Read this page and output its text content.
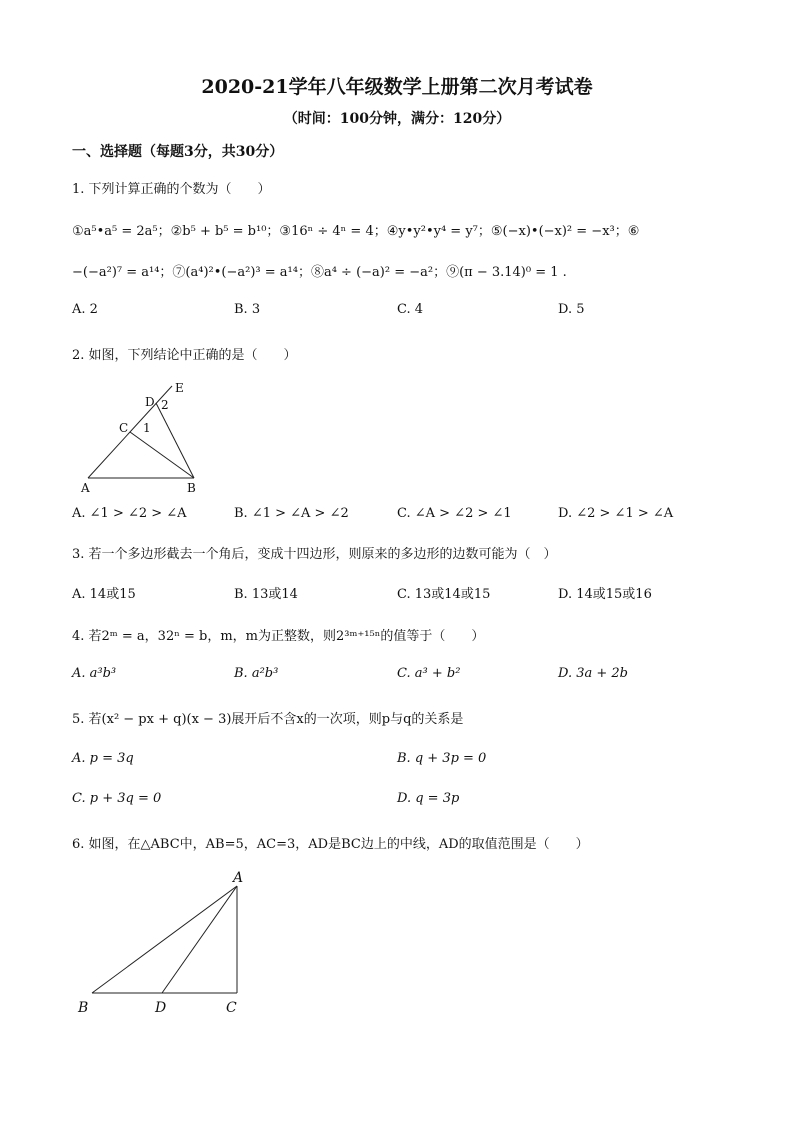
2020-21学年八年级数学上册第二次月考试卷
（时间：100分钟，满分：120分）
一、选择题（每题3分，共30分）
1. 下列计算正确的个数为（　　）
①a⁵•a⁵ = 2a⁵；②b⁵ + b⁵ = b¹⁰；③16ⁿ ÷ 4ⁿ = 4；④y•y²•y⁴ = y⁷；⑤(−x)•(−x)² = −x³；⑥
−(−a²)⁷ = a¹⁴；⑦(a⁴)²•(−a²)³ = a¹⁴；⑧a⁴ ÷ (−a)² = −a²；⑨(π − 3.14)⁰ = 1 .
A. 2	B. 3	C. 4	D. 5
2. 如图，下列结论中正确的是（　　）
E
D 2
C 1
A	B
A. ∠1 > ∠2 > ∠A	B. ∠1 > ∠A > ∠2	C. ∠A > ∠2 > ∠1	D. ∠2 > ∠1 > ∠A
3. 若一个多边形截去一个角后，变成十四边形，则原来的多边形的边数可能为（　）
A. 14或15	B. 13或14	C. 13或14或15	D. 14或15或16
4. 若2ᵐ = a，32ⁿ = b，m，m为正整数，则2³ᵐ⁺¹⁵ⁿ的值等于（　　）
A. a³b³	B. a²b³	C. a³ + b²	D. 3a + 2b
5. 若(x² − px + q)(x − 3)展开后不含x的一次项，则p与q的关系是
A. p = 3q	B. q + 3p = 0
C. p + 3q = 0	D. q = 3p
6. 如图，在△ABC中，AB=5，AC=3，AD是BC边上的中线，AD的取值范围是（　　）
A
B	D	C
